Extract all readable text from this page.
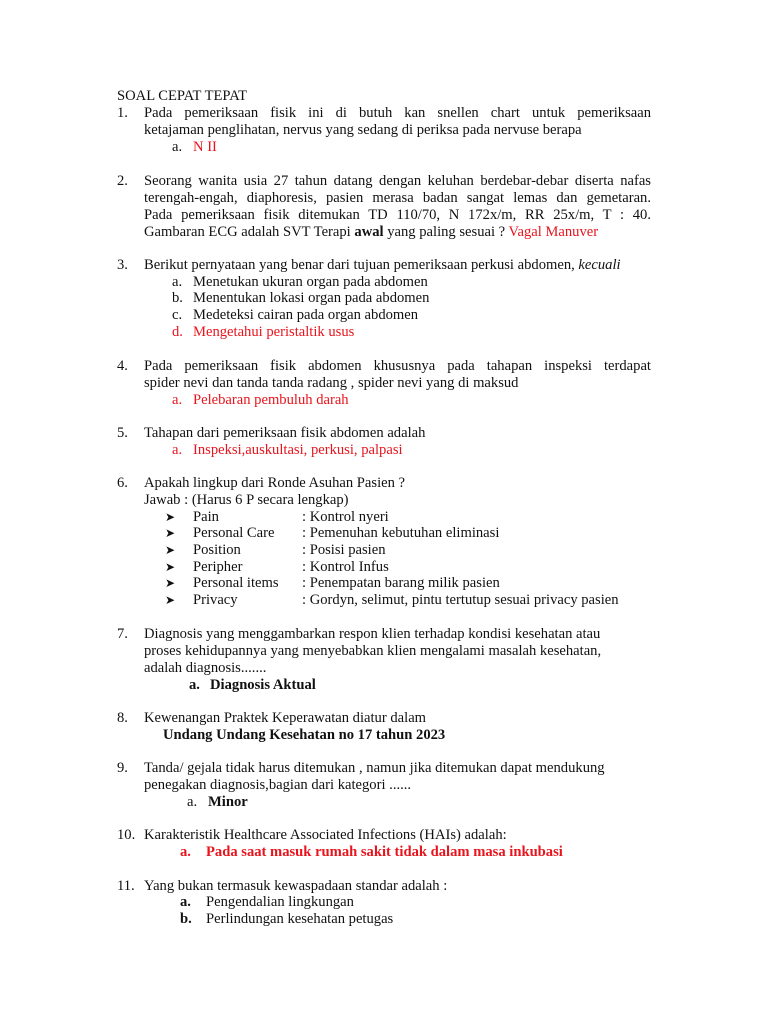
SOAL CEPAT TEPAT
1. Pada pemeriksaan fisik ini di butuh kan snellen chart untuk pemeriksaan
ketajaman penglihatan, nervus yang sedang di periksa pada nervuse berapa
a. N II
2. Seorang wanita usia 27 tahun datang dengan keluhan berdebar-debar diserta nafas
terengah-engah, diaphoresis, pasien merasa badan sangat lemas dan gemetaran.
Pada pemeriksaan fisik ditemukan TD 110/70, N 172x/m, RR 25x/m, T : 40.
Gambaran ECG adalah SVT Terapi awal yang paling sesuai ? Vagal Manuver
3. Berikut pernyataan yang benar dari tujuan pemeriksaan perkusi abdomen, kecuali
a. Menetukan ukuran organ pada abdomen
b. Menentukan lokasi organ pada abdomen
c. Medeteksi cairan pada organ abdomen
d. Mengetahui peristaltik usus
4. Pada pemeriksaan fisik abdomen khususnya pada tahapan inspeksi terdapat
spider nevi dan tanda tanda radang , spider nevi yang di maksud
a. Pelebaran pembuluh darah
5. Tahapan dari pemeriksaan fisik abdomen adalah
a. Inspeksi,auskultasi, perkusi, palpasi
6. Apakah lingkup dari Ronde Asuhan Pasien ?
Jawab : (Harus 6 P secara lengkap)
➤ Pain	: Kontrol nyeri
➤ Personal Care : Pemenuhan kebutuhan eliminasi
➤ Position	: Posisi pasien
➤ Peripher	: Kontrol Infus
➤ Personal items : Penempatan barang milik pasien
➤ Privacy	: Gordyn, selimut, pintu tertutup sesuai privacy pasien
7. Diagnosis yang menggambarkan respon klien terhadap kondisi kesehatan atau
proses kehidupannya yang menyebabkan klien mengalami masalah kesehatan,
adalah diagnosis.......
a. Diagnosis Aktual
8. Kewenangan Praktek Keperawatan diatur dalam
Undang Undang Kesehatan no 17 tahun 2023
9. Tanda/ gejala tidak harus ditemukan , namun jika ditemukan dapat mendukung
penegakan diagnosis,bagian dari kategori ......
a. Minor
10. Karakteristik Healthcare Associated Infections (HAIs) adalah:
a. Pada saat masuk rumah sakit tidak dalam masa inkubasi
11. Yang bukan termasuk kewaspadaan standar adalah :
a. Pengendalian lingkungan
b. Perlindungan kesehatan petugas
